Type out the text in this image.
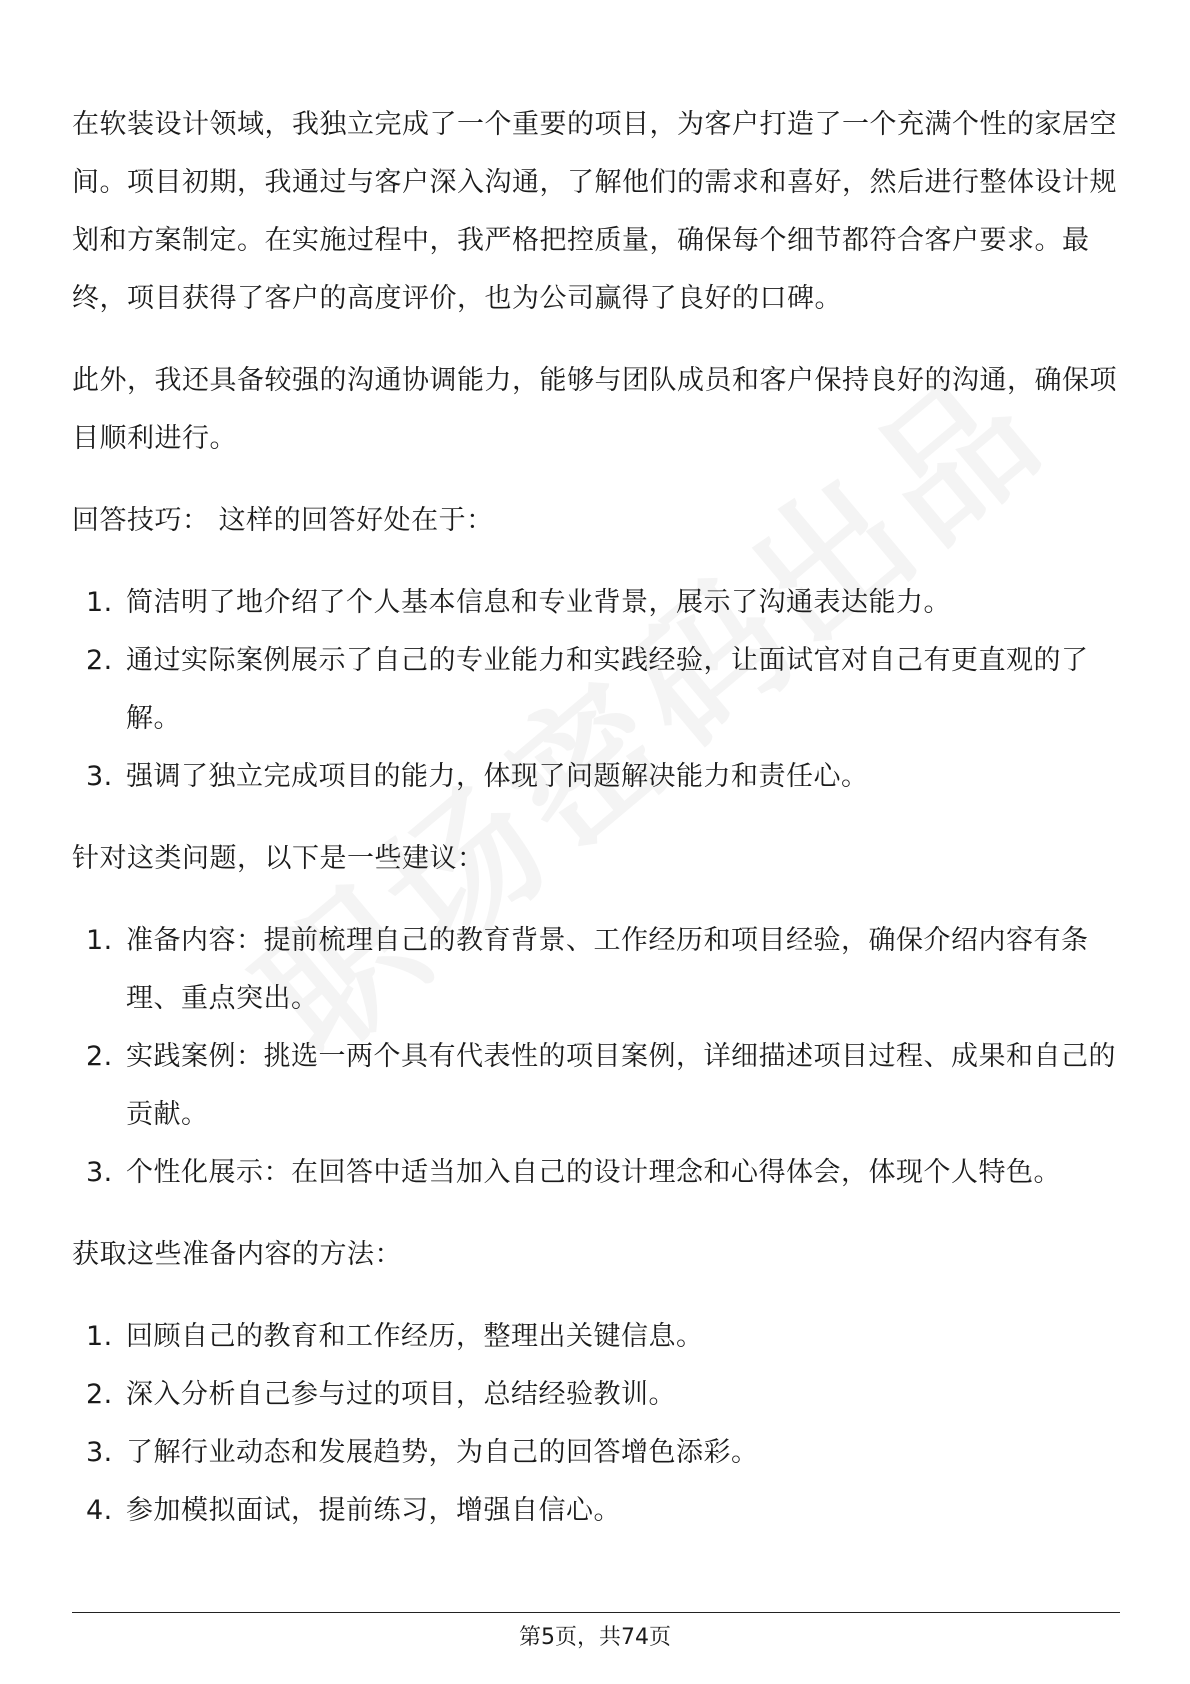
在软装设计领域，我独立完成了一个重要的项目，为客户打造了一个充满个性的家居空间。项目初期，我通过与客户深入沟通，了解他们的需求和喜好，然后进行整体设计规划和方案制定。在实施过程中，我严格把控质量，确保每个细节都符合客户要求。最终，项目获得了客户的高度评价，也为公司赢得了良好的口碑。

此外，我还具备较强的沟通协调能力，能够与团队成员和客户保持良好的沟通，确保项目顺利进行。

回答技巧： 这样的回答好处在于：

1. 简洁明了地介绍了个人基本信息和专业背景，展示了沟通表达能力。
2. 通过实际案例展示了自己的专业能力和实践经验，让面试官对自己有更直观的了解。
3. 强调了独立完成项目的能力，体现了问题解决能力和责任心。

针对这类问题，以下是一些建议：

1. 准备内容：提前梳理自己的教育背景、工作经历和项目经验，确保介绍内容有条理、重点突出。
2. 实践案例：挑选一两个具有代表性的项目案例，详细描述项目过程、成果和自己的贡献。
3. 个性化展示：在回答中适当加入自己的设计理念和心得体会，体现个人特色。

获取这些准备内容的方法：

1. 回顾自己的教育和工作经历，整理出关键信息。
2. 深入分析自己参与过的项目，总结经验教训。
3. 了解行业动态和发展趋势，为自己的回答增色添彩。
4. 参加模拟面试，提前练习，增强自信心。
第5页，共74页
